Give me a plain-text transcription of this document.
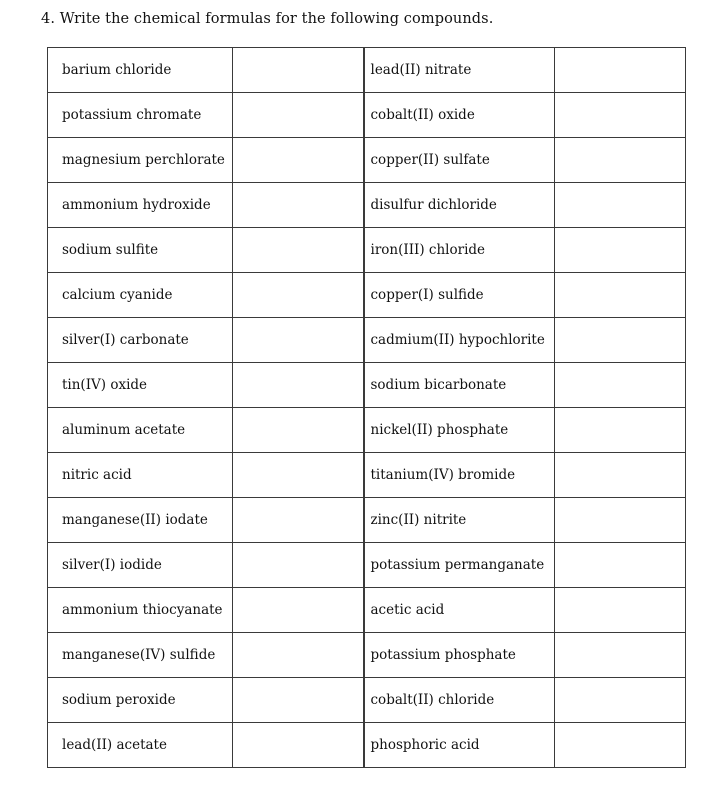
4. Write the chemical formulas for the following compounds.
barium chloride		lead(II) nitrate	
potassium chromate		cobalt(II) oxide	
magnesium perchlorate		copper(II) sulfate	
ammonium hydroxide		disulfur dichloride	
sodium sulfite		iron(III) chloride	
calcium cyanide		copper(I) sulfide	
silver(I) carbonate		cadmium(II) hypochlorite	
tin(IV) oxide		sodium bicarbonate	
aluminum acetate		nickel(II) phosphate	
nitric acid		titanium(IV) bromide	
manganese(II) iodate		zinc(II) nitrite	
silver(I) iodide		potassium permanganate	
ammonium thiocyanate		acetic acid	
manganese(IV) sulfide		potassium phosphate	
sodium peroxide		cobalt(II) chloride	
lead(II) acetate		phosphoric acid	
